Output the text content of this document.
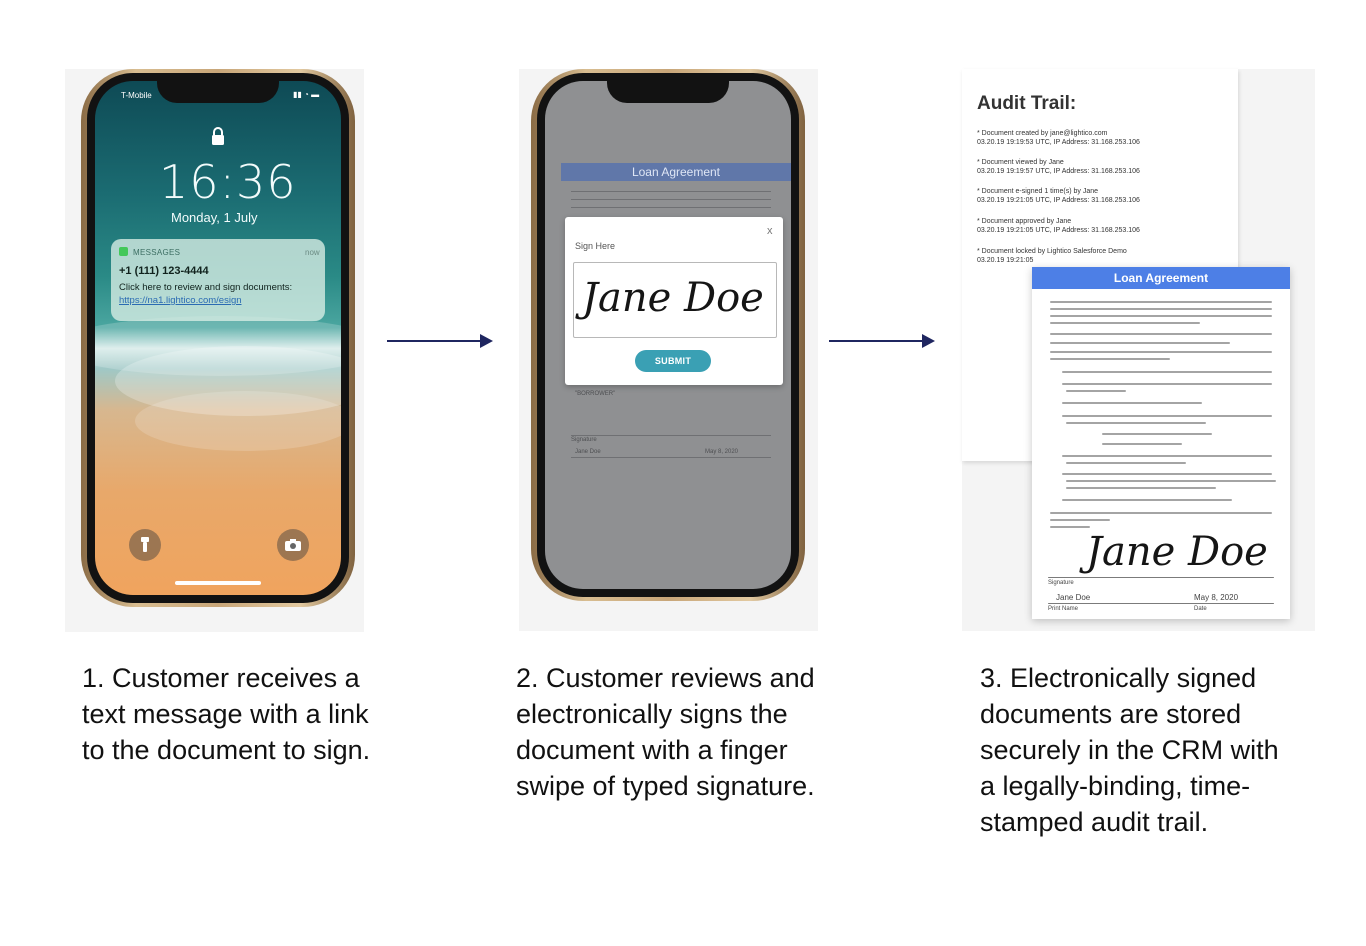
T-Mobile	▮▮ ◔ ▬
16:36
Monday, 1 July
MESSAGES	now
+1 (111) 123-4444
Click here to review and sign documents:
https://na1.lightico.com/esign
1. Customer receives a text message with a link to the document to sign.
Loan Agreement
x
Sign Here
Jane Doe
SUBMIT
"BORROWER"
Signature
Jane Doe	May 8, 2020
2. Customer reviews and electronically signs the document with a finger swipe of typed signature.
Audit Trail:
* Document created by jane@lightico.com
03.20.19 19:19:53 UTC, IP Address: 31.168.253.106
* Document viewed by Jane
03.20.19 19:19:57 UTC, IP Address: 31.168.253.106
* Document e-signed 1 time(s) by Jane
03.20.19 19:21:05 UTC, IP Address: 31.168.253.106
* Document approved by Jane
03.20.19 19:21:05 UTC, IP Address: 31.168.253.106
* Document locked by Lightico Salesforce Demo
03.20.19 19:21:05
Loan Agreement
Jane Doe
Signature
Jane Doe	May 8, 2020
Print Name	Date
3. Electronically signed documents are stored securely in the CRM with a legally-binding, time-stamped audit trail.
